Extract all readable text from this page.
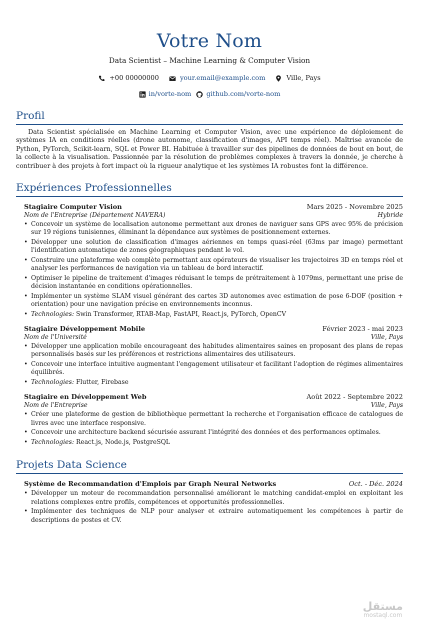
Votre Nom
Data Scientist – Machine Learning & Computer Vision
+00 00000000	your.email@example.com	Ville, Pays
in/vorte-nom github.com/vorte-nom
Profil

Data Scientist spécialisée en Machine Learning et Computer Vision, avec une expérience de déploiement de systèmes IA en conditions réelles (drone autonome, classification d'images, API temps réel). Maîtrise avancée de Python, PyTorch, Scikit-learn, SQL et Power BI. Habituée à travailler sur des pipelines de données de bout en bout, de la collecte à la visualisation. Passionnée par la résolution de problèmes complexes à travers la donnée, je cherche à contribuer à des projets à fort impact où la rigueur analytique et les systèmes IA robustes font la différence.

Expériences Professionnelles
Stagiaire Computer Vision	Mars 2025 - Novembre 2025
Nom de l'Entreprise (Département NAVERA)	Hybride
• Concevoir un système de localisation autonome permettant aux drones de naviguer sans GPS avec 95% de précision sur 19 régions tunisiennes, éliminant la dépendance aux systèmes de positionnement externes.
• Développer une solution de classification d'images aériennes en temps quasi-réel (63ms par image) permettant l'identification automatique de zones géographiques pendant le vol.
• Construire une plateforme web complète permettant aux opérateurs de visualiser les trajectoires 3D en temps réel et analyser les performances de navigation via un tableau de bord interactif.
• Optimiser le pipeline de traitement d'images réduisant le temps de prétraitement à 1079ms, permettant une prise de décision instantanée en conditions opérationnelles.
• Implémenter un système SLAM visuel générant des cartes 3D autonomes avec estimation de pose 6-DOF (position + orientation) pour une navigation précise en environnements inconnus.
• Technologies: Swin Transformer, RTAB-Map, FastAPI, React.js, PyTorch, OpenCV
Stagiaire Développement Mobile	Février 2023 - mai 2023
Nom de l'Université	Ville, Pays
• Développer une application mobile encourageant des habitudes alimentaires saines en proposant des plans de repas personnalisés basés sur les préférences et restrictions alimentaires des utilisateurs.
• Concevoir une interface intuitive augmentant l'engagement utilisateur et facilitant l'adoption de régimes alimentaires équilibrés.
• Technologies: Flutter, Firebase
Stagiaire en Développement Web	Août 2022 - Septembre 2022
Nom de l'Entreprise	Ville, Pays
• Créer une plateforme de gestion de bibliothèque permettant la recherche et l'organisation efficace de catalogues de livres avec une interface responsive.
• Concevoir une architecture backend sécurisée assurant l'intégrité des données et des performances optimales.
• Technologies: React.js, Node.js, PostgreSQL
Projets Data Science
Système de Recommandation d'Emplois par Graph Neural Networks	Oct. - Déc. 2024
• Développer un moteur de recommandation personnalisé améliorant le matching candidat-emploi en exploitant les relations complexes entre profils, compétences et opportunités professionnelles.
• Implémenter des techniques de NLP pour analyser et extraire automatiquement les compétences à partir de descriptions de postes et CV.
مستقل
mostaql.com
